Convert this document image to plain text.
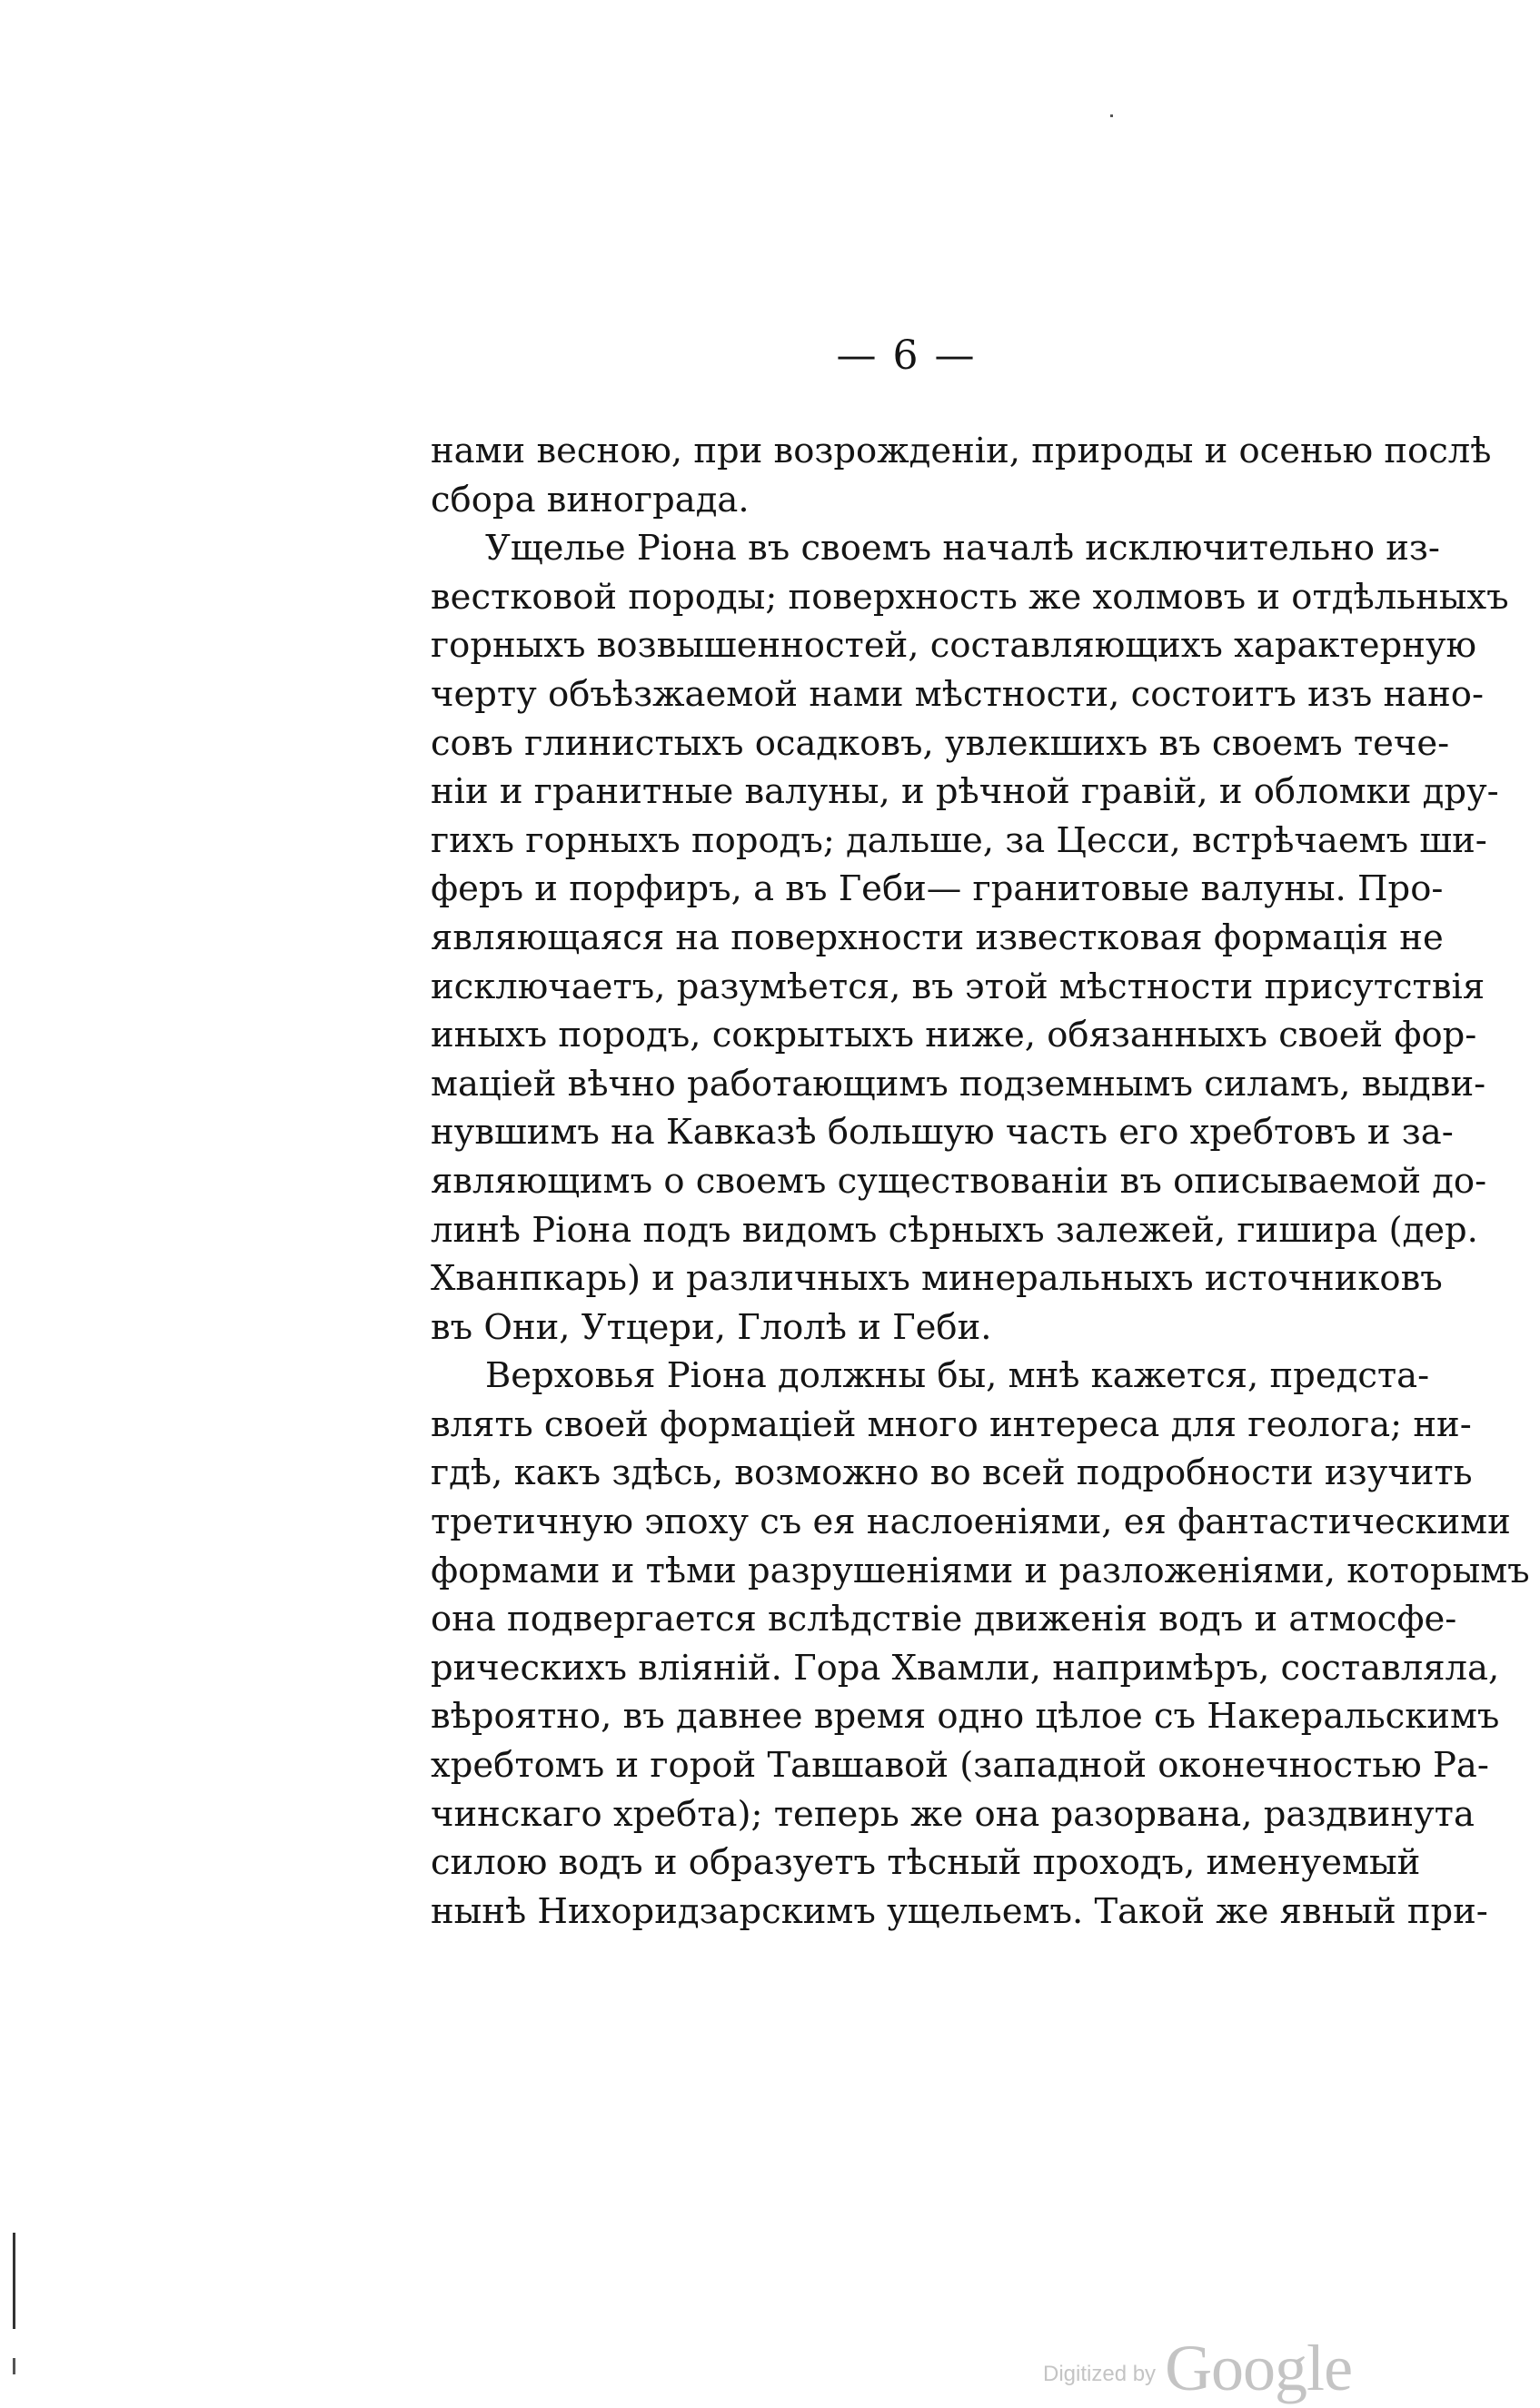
— 6 —

нами весною, при возрожденіи, природы и осенью послѣ
сбора винограда.

Ущелье Ріона въ своемъ началѣ исключительно из-
вестковой породы; поверхность же холмовъ и отдѣльныхъ
горныхъ возвышенностей, составляющихъ характерную
черту объѣзжаемой нами мѣстности, состоитъ изъ нано-
совъ глинистыхъ осадковъ, увлекшихъ въ своемъ тече-
ніи и гранитные валуны, и рѣчной гравій, и обломки дру-
гихъ горныхъ породъ; дальше, за Цесси, встрѣчаемъ ши-
феръ и порфиръ, а въ Геби— гранитовые валуны. Про-
являющаяся на поверхности известковая формація не
исключаетъ, разумѣется, въ этой мѣстности присутствія
иныхъ породъ, сокрытыхъ ниже, обязанныхъ своей фор-
маціей вѣчно работающимъ подземнымъ силамъ, выдви-
нувшимъ на Кавказѣ большую часть его хребтовъ и за-
являющимъ о своемъ существованіи въ описываемой до-
линѣ Ріона подъ видомъ сѣрныхъ залежей, гишира (дер.
Хванпкарь) и различныхъ минеральныхъ источниковъ
въ Они, Утцери, Глолѣ и Геби.

Верховья Ріона должны бы, мнѣ кажется, предста-
влять своей формаціей много интереса для геолога; ни-
гдѣ, какъ здѣсь, возможно во всей подробности изучить
третичную эпоху съ ея наслоеніями, ея фантастическими
формами и тѣми разрушеніями и разложеніями, которымъ
она подвергается вслѣдствіе движенія водъ и атмосфе-
рическихъ вліяній. Гора Хвамли, напримѣръ, составляла,
вѣроятно, въ давнее время одно цѣлое съ Накеральскимъ
хребтомъ и горой Тавшавой (западной оконечностью Ра-
чинскаго хребта); теперь же она разорвана, раздвинута
силою водъ и образуетъ тѣсный проходъ, именуемый
нынѣ Нихоридзарскимъ ущельемъ. Такой же явный при-

Digitized by Google
